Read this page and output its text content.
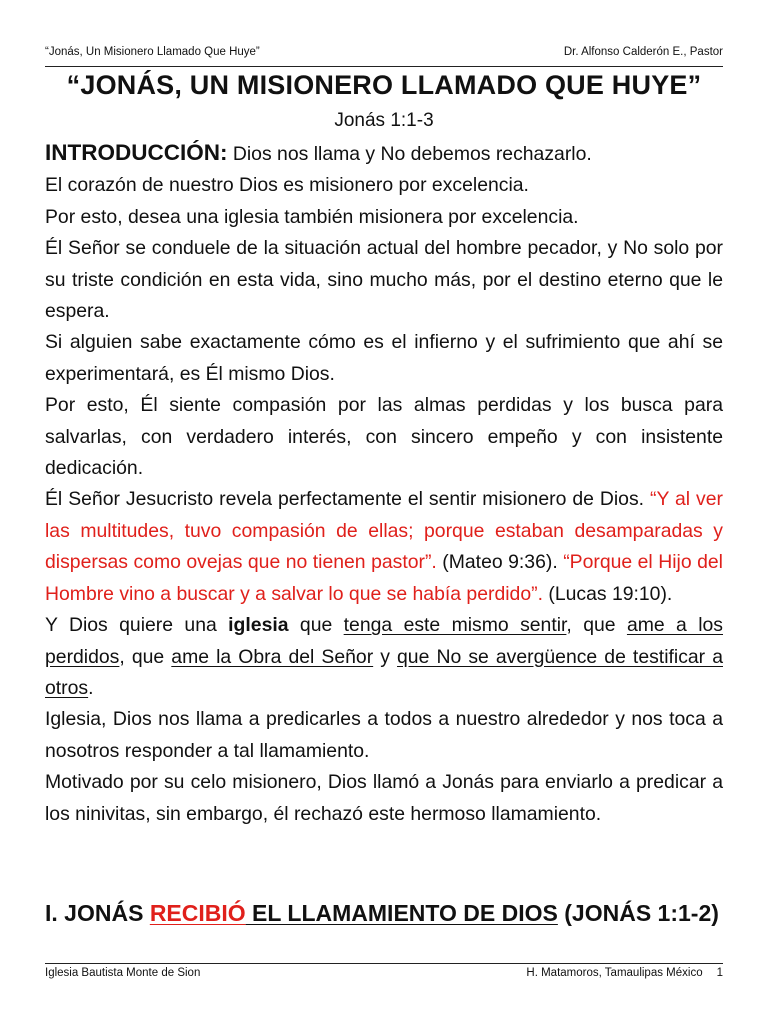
“Jonás, Un Misionero Llamado Que Huye”	Dr. Alfonso Calderón E., Pastor
“JONÁS, UN MISIONERO LLAMADO QUE HUYE”
Jonás 1:1-3

INTRODUCCIÓN: Dios nos llama y No debemos rechazarlo.

El corazón de nuestro Dios es misionero por excelencia.

Por esto, desea una iglesia también misionera por excelencia.

Él Señor se conduele de la situación actual del hombre pecador, y No solo por su triste condición en esta vida, sino mucho más, por el destino eterno que le espera.

Si alguien sabe exactamente cómo es el infierno y el sufrimiento que ahí se experimentará, es Él mismo Dios.

Por esto, Él siente compasión por las almas perdidas y los busca para salvarlas, con verdadero interés, con sincero empeño y con insistente dedicación.

Él Señor Jesucristo revela perfectamente el sentir misionero de Dios. “Y al ver las multitudes, tuvo compasión de ellas; porque estaban desamparadas y dispersas como ovejas que no tienen pastor”. (Mateo 9:36). “Porque el Hijo del Hombre vino a buscar y a salvar lo que se había perdido”. (Lucas 19:10).

Y Dios quiere una iglesia que tenga este mismo sentir, que ame a los perdidos, que ame la Obra del Señor y que No se avergüence de testificar a otros.

Iglesia, Dios nos llama a predicarles a todos a nuestro alrededor y nos toca a nosotros responder a tal llamamiento.

Motivado por su celo misionero, Dios llamó a Jonás para enviarlo a predicar a los ninivitas, sin embargo, él rechazó este hermoso llamamiento.

I. JONÁS RECIBIÓ EL LLAMAMIENTO DE DIOS (JONÁS 1:1-2)
Iglesia Bautista Monte de Sion	H. Matamoros, Tamaulipas México 1
